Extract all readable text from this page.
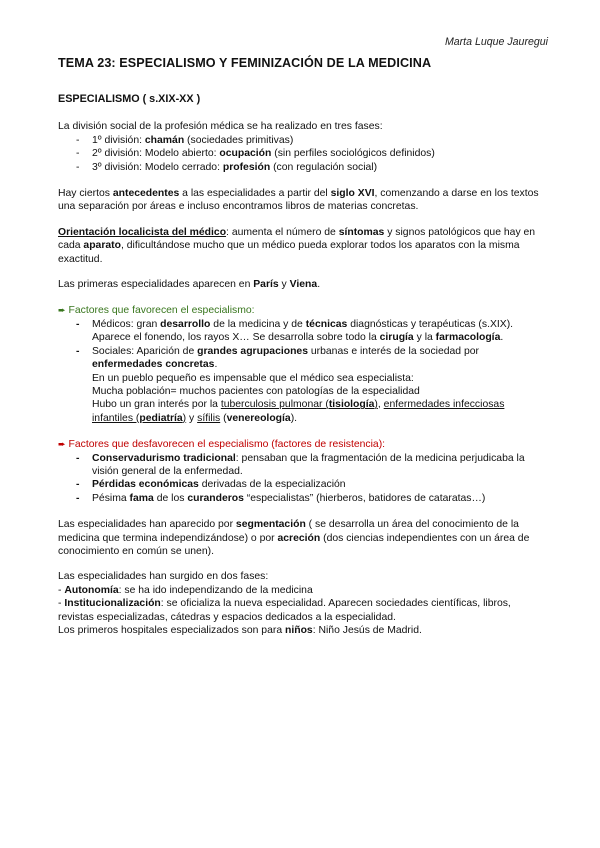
Marta Luque Jauregui
TEMA 23: ESPECIALISMO Y FEMINIZACIÓN DE LA MEDICINA
ESPECIALISMO ( s.XIX-XX )

La división social de la profesión médica se ha realizado en tres fases:

- 1º división: chamán (sociedades primitivas)
- 2º división: Modelo abierto: ocupación (sin perfiles sociológicos definidos)
- 3º división: Modelo cerrado: profesión (con regulación social)

Hay ciertos antecedentes a las especialidades a partir del siglo XVI, comenzando a darse en los textos una separación por áreas e incluso encontramos libros de materias concretas.

Orientación localicista del médico: aumenta el número de síntomas y signos patológicos que hay en cada aparato, dificultándose mucho que un médico pueda explorar todos los aparatos con la misma exactitud.

Las primeras especialidades aparecen en París y Viena.

➨ Factores que favorecen el especialismo:

- Médicos: gran desarrollo de la medicina y de técnicas diagnósticas y terapéuticas (s.XIX). Aparece el fonendo, los rayos X… Se desarrolla sobre todo la cirugía y la farmacología.
- Sociales: Aparición de grandes agrupaciones urbanas e interés de la sociedad por enfermedades concretas.
En un pueblo pequeño es impensable que el médico sea especialista:
Mucha población= muchos pacientes con patologías de la especialidad
Hubo un gran interés por la tuberculosis pulmonar (tisiología), enfermedades infecciosas infantiles (pediatría) y sífilis (venereología).

➨ Factores que desfavorecen el especialismo (factores de resistencia):

- Conservadurismo tradicional: pensaban que la fragmentación de la medicina perjudicaba la visión general de la enfermedad.
- Pérdidas económicas derivadas de la especialización
- Pésima fama de los curanderos “especialistas” (hierberos, batidores de cataratas…)

Las especialidades han aparecido por segmentación ( se desarrolla un área del conocimiento de la medicina que termina independizándose) o por acreción (dos ciencias independientes con un área de conocimiento en común se unen).

Las especialidades han surgido en dos fases:
- Autonomía: se ha ido independizando de la medicina
- Institucionalización: se oficializa la nueva especialidad. Aparecen sociedades científicas, libros, revistas especializadas, cátedras y espacios dedicados a la especialidad.
Los primeros hospitales especializados son para niños: Niño Jesús de Madrid.
